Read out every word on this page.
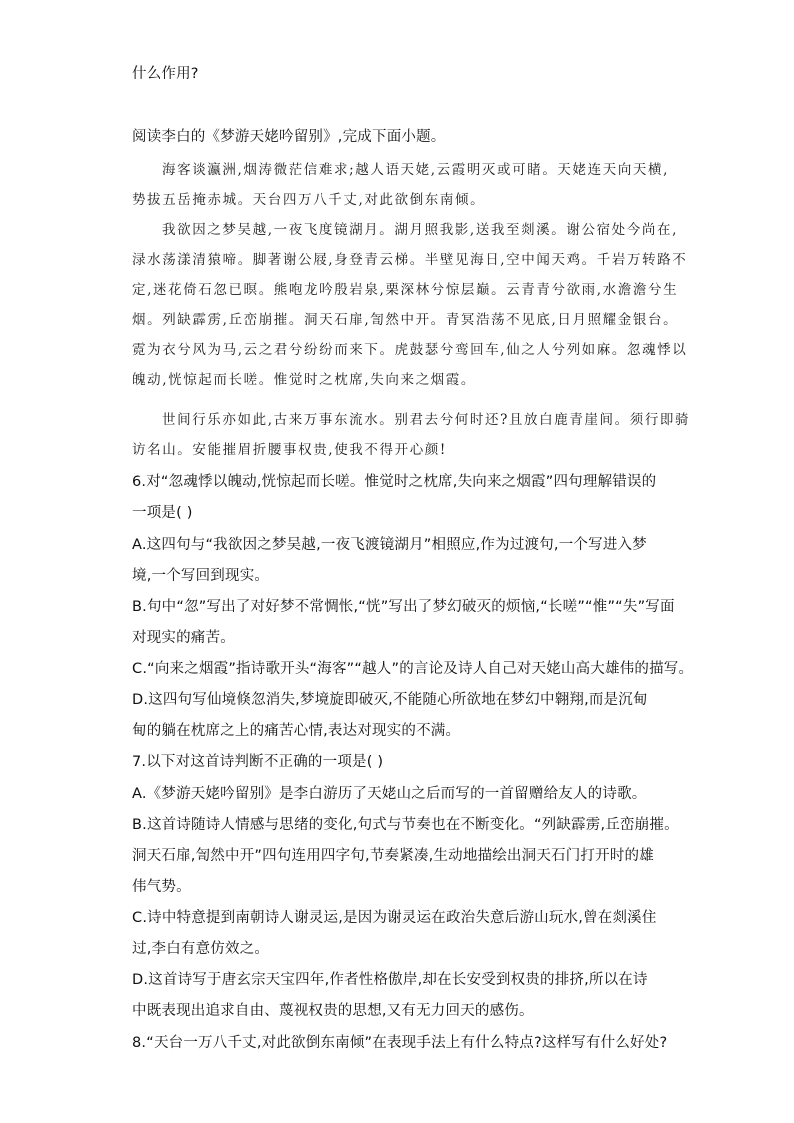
什么作用?
阅读李白的《梦游天姥吟留别》,完成下面小题。
海客谈瀛洲,烟涛微茫信难求;越人语天姥,云霞明灭或可睹。天姥连天向天横,
势拔五岳掩赤城。天台四万八千丈,对此欲倒东南倾。
我欲因之梦吴越,一夜飞度镜湖月。湖月照我影,送我至剡溪。谢公宿处今尚在,
渌水荡漾清猿啼。脚著谢公屐,身登青云梯。半壁见海日,空中闻天鸡。千岩万转路不
定,迷花倚石忽已暝。熊咆龙吟殷岩泉,栗深林兮惊层巅。云青青兮欲雨,水澹澹兮生
烟。列缺霹雳,丘峦崩摧。洞天石扉,訇然中开。青冥浩荡不见底,日月照耀金银台。
霓为衣兮风为马,云之君兮纷纷而来下。虎鼓瑟兮鸾回车,仙之人兮列如麻。忽魂悸以
魄动,恍惊起而长嗟。惟觉时之枕席,失向来之烟霞。
世间行乐亦如此,古来万事东流水。别君去兮何时还?且放白鹿青崖间。须行即骑
访名山。安能摧眉折腰事权贵,使我不得开心颜!
6.对“忽魂悸以魄动,恍惊起而长嗟。惟觉时之枕席,失向来之烟霞”四句理解错误的
一项是( )
A.这四句与“我欲因之梦吴越,一夜飞渡镜湖月”相照应,作为过渡句,一个写进入梦
境,一个写回到现实。
B.句中“忽”写出了对好梦不常惆怅,“恍”写出了梦幻破灭的烦恼,“长嗟”“惟”“失”写面
对现实的痛苦。
C.“向来之烟霞”指诗歌开头“海客”“越人”的言论及诗人自己对天姥山高大雄伟的描写。
D.这四句写仙境倏忽消失,梦境旋即破灭,不能随心所欲地在梦幻中翱翔,而是沉甸
甸的躺在枕席之上的痛苦心情,表达对现实的不满。
7.以下对这首诗判断不正确的一项是( )
A.《梦游天姥吟留别》是李白游历了天姥山之后而写的一首留赠给友人的诗歌。
B.这首诗随诗人情感与思绪的变化,句式与节奏也在不断变化。“列缺霹雳,丘峦崩摧。
洞天石扉,訇然中开”四句连用四字句,节奏紧凑,生动地描绘出洞天石门打开时的雄
伟气势。
C.诗中特意提到南朝诗人谢灵运,是因为谢灵运在政治失意后游山玩水,曾在剡溪住
过,李白有意仿效之。
D.这首诗写于唐玄宗天宝四年,作者性格傲岸,却在长安受到权贵的排挤,所以在诗
中既表现出追求自由、蔑视权贵的思想,又有无力回天的感伤。
8.“天台一万八千丈,对此欲倒东南倾”在表现手法上有什么特点?这样写有什么好处?
